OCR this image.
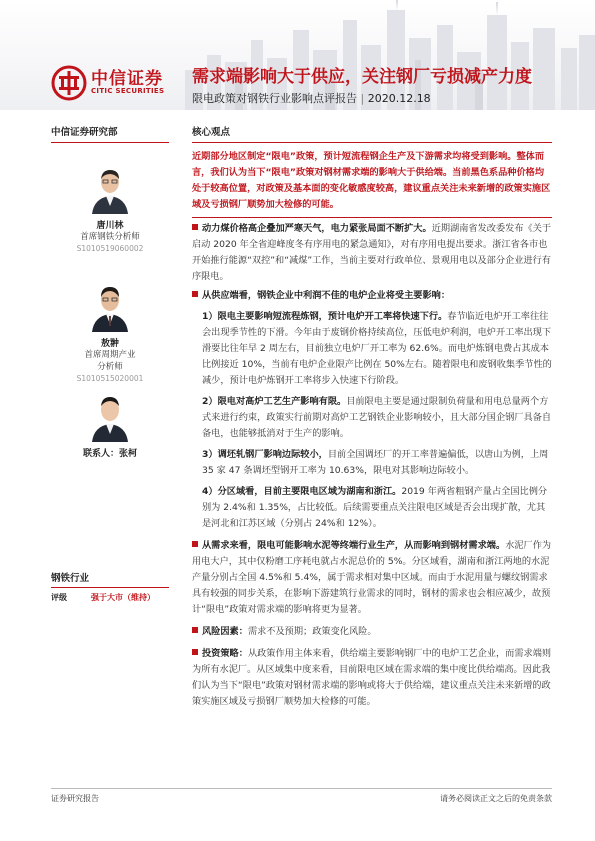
中信证券
CITIC SECURITIES
需求端影响大于供应，关注钢厂亏损减产力度
限电政策对钢铁行业影响点评报告 | 2020.12.18
中信证券研究部
唐川林
首席钢铁分析师
S1010519060002
敖翀
首席周期产业
分析师
S1010515020001
联系人：张柯
钢铁行业
评级	强于大市（维持）
核心观点
近期部分地区制定“限电”政策，预计短流程钢企生产及下游需求均将受到影响。整体而言，我们认为当下“限电”政策对钢材需求端的影响大于供给端。当前黑色系品种价格均处于较高位置，对政策及基本面的变化敏感度较高，建议重点关注未来新增的政策实施区域及亏损钢厂顺势加大检修的可能。

动力煤价格高企叠加严寒天气，电力紧张局面不断扩大。近期湖南省发改委发布《关于启动 2020 年全省迎峰度冬有序用电的紧急通知》，对有序用电提出要求。浙江省各市也开始推行能源“双控”和“减煤”工作，当前主要对行政单位、景观用电以及部分企业进行有序限电。

从供应端看，钢铁企业中利润不佳的电炉企业将受主要影响：

1）限电主要影响短流程炼钢，预计电炉开工率将快速下行。春节临近电炉开工率往往会出现季节性的下滑。今年由于废钢价格持续高位，压低电炉利润，电炉开工率出现下滑要比往年早 2 周左右，目前独立电炉厂开工率为 62.6%。而电炉炼钢电费占其成本比例接近 10%，当前有电炉企业限产比例在 50%左右。随着限电和废钢收集季节性的减少，预计电炉炼钢开工率将步入快速下行阶段。

2）限电对高炉工艺生产影响有限。目前限电主要是通过限制负荷量和用电总量两个方式来进行约束，政策实行前期对高炉工艺钢铁企业影响较小，且大部分国企钢厂具备自备电，也能够抵消对于生产的影响。

3）调坯轧钢厂影响边际较小，目前全国调坯厂的开工率普遍偏低，以唐山为例，上周 35 家 47 条调坯型钢开工率为 10.63%，限电对其影响边际较小。

4）分区域看，目前主要限电区域为湖南和浙江。2019 年两省粗钢产量占全国比例分别为 2.4%和 1.35%，占比较低。后续需要重点关注限电区域是否会出现扩散，尤其是河北和江苏区域（分别占 24%和 12%）。

从需求来看，限电可能影响水泥等终端行业生产，从而影响到钢材需求端。水泥厂作为用电大户，其中仅粉磨工序耗电就占水泥总价的 5%。分区域看，湖南和浙江两地的水泥产量分别占全国 4.5%和 5.4%，属于需求相对集中区域。而由于水泥用量与螺纹钢需求具有较强的同步关系，在影响下游建筑行业需求的同时，钢材的需求也会相应减少，故预计“限电”政策对需求端的影响将更为显著。

风险因素：需求不及预期；政策变化风险。

投资策略：从政策作用主体来看，供给端主要影响钢厂中的电炉工艺企业，而需求端则为所有水泥厂。从区域集中度来看，目前限电区域在需求端的集中度比供给端高。因此我们认为当下“限电”政策对钢材需求端的影响或将大于供给端，建议重点关注未来新增的政策实施区域及亏损钢厂顺势加大检修的可能。

证券研究报告	请务必阅读正文之后的免责条款
